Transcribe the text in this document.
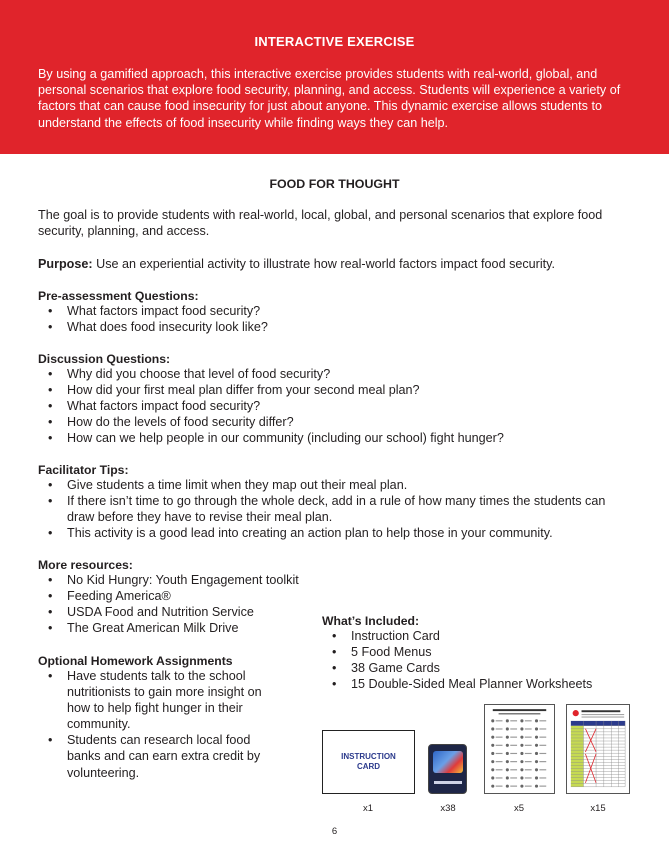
INTERACTIVE EXERCISE
By using a gamified approach, this interactive exercise provides students with real-world, global, and personal scenarios that explore food security, planning, and access. Students will experience a variety of factors that can cause food insecurity for just about anyone. This dynamic exercise allows students to understand the effects of food insecurity while finding ways they can help.
FOOD FOR THOUGHT
The goal is to provide students with real-world, local, global, and personal scenarios that explore food security, planning, and access.
Purpose: Use an experiential activity to illustrate how real-world factors impact food security.
Pre-assessment Questions:
• What factors impact food security?
• What does food insecurity look like?
Discussion Questions:
• Why did you choose that level of food security?
• How did your first meal plan differ from your second meal plan?
• What factors impact food security?
• How do the levels of food security differ?
• How can we help people in our community (including our school) fight hunger?
Facilitator Tips:
• Give students a time limit when they map out their meal plan.
• If there isn’t time to go through the whole deck, add in a rule of how many times the students can draw before they have to revise their meal plan.
• This activity is a good lead into creating an action plan to help those in your community.
More resources:
• No Kid Hungry: Youth Engagement toolkit
• Feeding America®
• USDA Food and Nutrition Service
• The Great American Milk Drive
Optional Homework Assignments
• Have students talk to the school nutritionists to gain more insight on how to help fight hunger in their community.
• Students can research local food banks and can earn extra credit by volunteering.
What’s Included:
• Instruction Card
• 5 Food Menus
• 38 Game Cards
• 15 Double-Sided Meal Planner Worksheets
INSTRUCTION CARD
x1	x38	x5	x15
6
